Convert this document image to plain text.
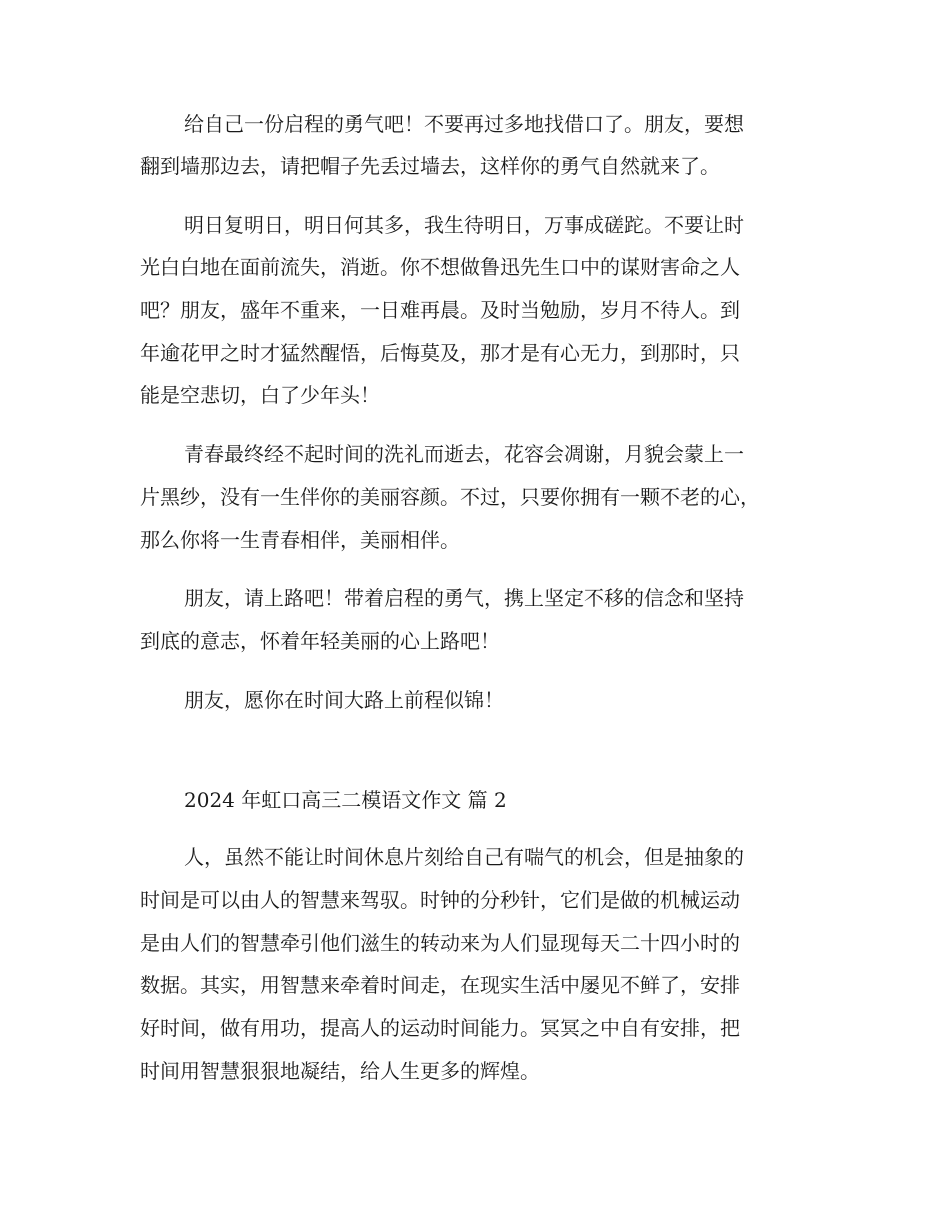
给自己一份启程的勇气吧！不要再过多地找借口了。朋友，要想
翻到墙那边去，请把帽子先丢过墙去，这样你的勇气自然就来了。
明日复明日，明日何其多，我生待明日，万事成磋跎。不要让时
光白白地在面前流失，消逝。你不想做鲁迅先生口中的谋财害命之人
吧？朋友，盛年不重来，一日难再晨。及时当勉励，岁月不待人。到
年逾花甲之时才猛然醒悟，后悔莫及，那才是有心无力，到那时，只
能是空悲切，白了少年头！
青春最终经不起时间的洗礼而逝去，花容会凋谢，月貌会蒙上一
片黑纱，没有一生伴你的美丽容颜。不过，只要你拥有一颗不老的心，
那么你将一生青春相伴，美丽相伴。
朋友，请上路吧！带着启程的勇气，携上坚定不移的信念和坚持
到底的意志，怀着年轻美丽的心上路吧！
朋友，愿你在时间大路上前程似锦！
2024 年虹口高三二模语文作文 篇 2
人，虽然不能让时间休息片刻给自己有喘气的机会，但是抽象的
时间是可以由人的智慧来驾驭。时钟的分秒针，它们是做的机械运动
是由人们的智慧牵引他们滋生的转动来为人们显现每天二十四小时的
数据。其实，用智慧来牵着时间走，在现实生活中屡见不鲜了，安排
好时间，做有用功，提高人的运动时间能力。冥冥之中自有安排，把
时间用智慧狠狠地凝结，给人生更多的辉煌。
